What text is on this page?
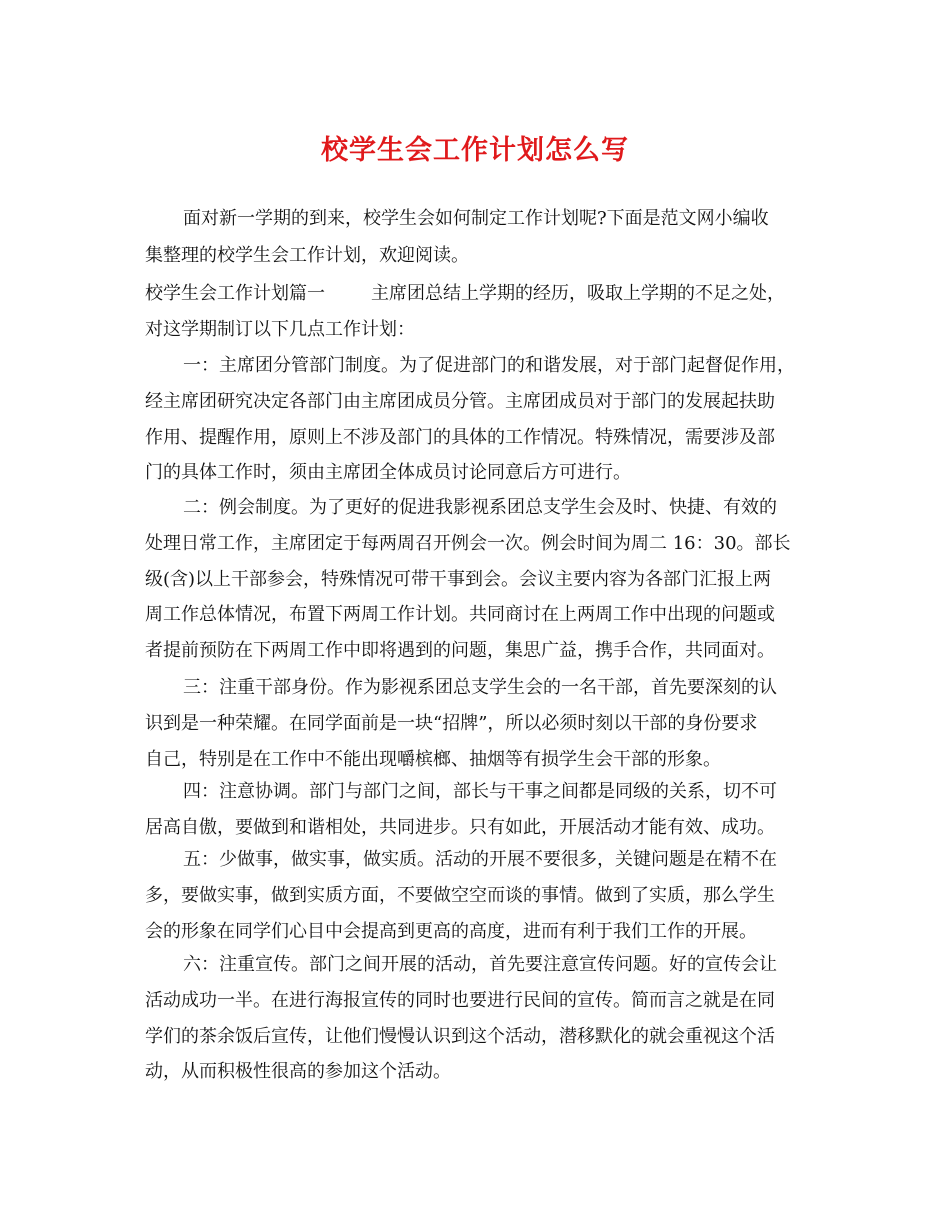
校学生会工作计划怎么写
面对新一学期的到来，校学生会如何制定工作计划呢?下面是范文网小编收
集整理的校学生会工作计划，欢迎阅读。
校学生会工作计划篇一	主席团总结上学期的经历，吸取上学期的不足之处，
对这学期制订以下几点工作计划：
一：主席团分管部门制度。为了促进部门的和谐发展，对于部门起督促作用，
经主席团研究决定各部门由主席团成员分管。主席团成员对于部门的发展起扶助
作用、提醒作用，原则上不涉及部门的具体的工作情况。特殊情况，需要涉及部
门的具体工作时，须由主席团全体成员讨论同意后方可进行。
二：例会制度。为了更好的促进我影视系团总支学生会及时、快捷、有效的
处理日常工作，主席团定于每两周召开例会一次。例会时间为周二 16：30。部长
级(含)以上干部参会，特殊情况可带干事到会。会议主要内容为各部门汇报上两
周工作总体情况，布置下两周工作计划。共同商讨在上两周工作中出现的问题或
者提前预防在下两周工作中即将遇到的问题，集思广益，携手合作，共同面对。
三：注重干部身份。作为影视系团总支学生会的一名干部，首先要深刻的认
识到是一种荣耀。在同学面前是一块“招牌”，所以必须时刻以干部的身份要求
自己，特别是在工作中不能出现嚼槟榔、抽烟等有损学生会干部的形象。
四：注意协调。部门与部门之间，部长与干事之间都是同级的关系，切不可
居高自傲，要做到和谐相处，共同进步。只有如此，开展活动才能有效、成功。
五：少做事，做实事，做实质。活动的开展不要很多，关键问题是在精不在
多，要做实事，做到实质方面，不要做空空而谈的事情。做到了实质，那么学生
会的形象在同学们心目中会提高到更高的高度，进而有利于我们工作的开展。
六：注重宣传。部门之间开展的活动，首先要注意宣传问题。好的宣传会让
活动成功一半。在进行海报宣传的同时也要进行民间的宣传。简而言之就是在同
学们的茶余饭后宣传，让他们慢慢认识到这个活动，潜移默化的就会重视这个活
动，从而积极性很高的参加这个活动。
